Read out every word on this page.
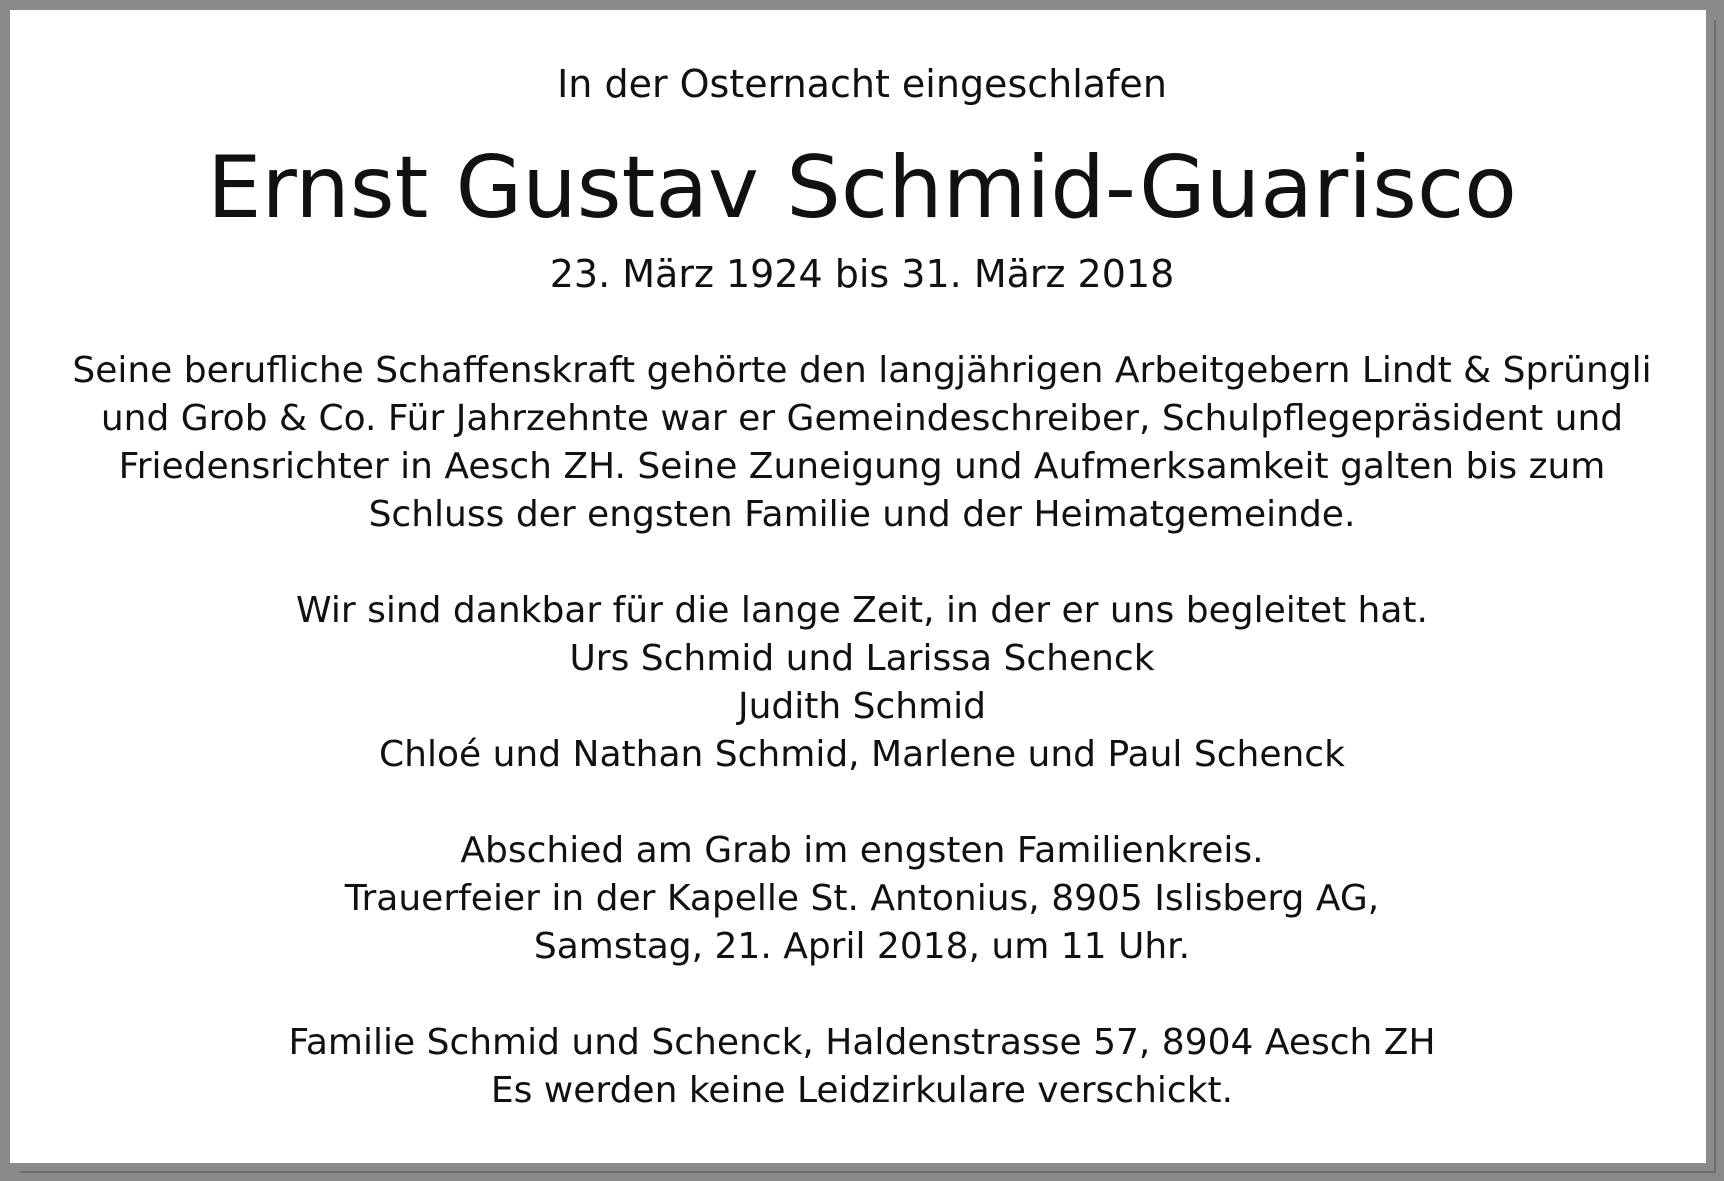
In der Osternacht eingeschlafen
Ernst Gustav Schmid-Guarisco
23. März 1924 bis 31. März 2018
Seine berufliche Schaffenskraft gehörte den langjährigen Arbeitgebern Lindt & Sprüngli
und Grob & Co. Für Jahrzehnte war er Gemeindeschreiber, Schulpflegepräsident und
Friedensrichter in Aesch ZH. Seine Zuneigung und Aufmerksamkeit galten bis zum
Schluss der engsten Familie und der Heimatgemeinde.
Wir sind dankbar für die lange Zeit, in der er uns begleitet hat.
Urs Schmid und Larissa Schenck
Judith Schmid
Chloé und Nathan Schmid, Marlene und Paul Schenck
Abschied am Grab im engsten Familienkreis.
Trauerfeier in der Kapelle St. Antonius, 8905 Islisberg AG,
Samstag, 21. April 2018, um 11 Uhr.
Familie Schmid und Schenck, Haldenstrasse 57, 8904 Aesch ZH
Es werden keine Leidzirkulare verschickt.
